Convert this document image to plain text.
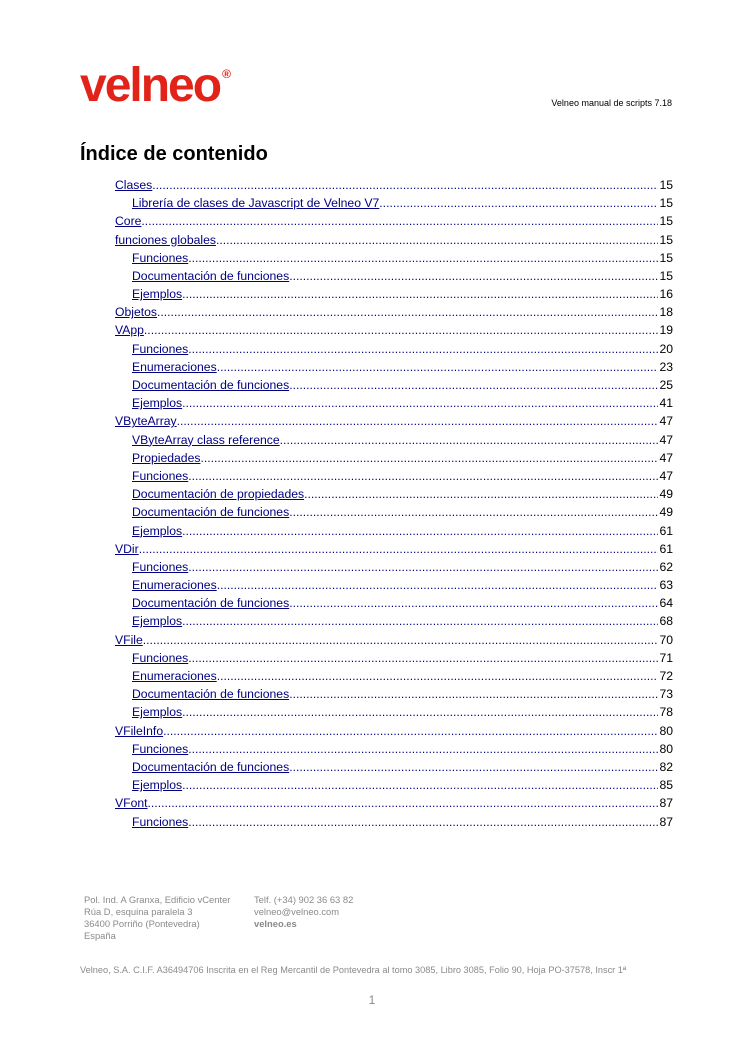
velneo ®
Velneo manual de scripts 7.18
Índice de contenido
Clases .....	15
Librería de clases de Javascript de Velneo V7 .....	15
Core .....	15
funciones globales .....	15
Funciones .....	15
Documentación de funciones .....	15
Ejemplos .....	16
Objetos .....	18
VApp .....	19
Funciones .....	20
Enumeraciones .....	23
Documentación de funciones .....	25
Ejemplos .....	41
VByteArray .....	47
VByteArray class reference .....	47
Propiedades .....	47
Funciones .....	47
Documentación de propiedades .....	49
Documentación de funciones .....	49
Ejemplos .....	61
VDir .....	61
Funciones .....	62
Enumeraciones .....	63
Documentación de funciones .....	64
Ejemplos .....	68
VFile .....	70
Funciones .....	71
Enumeraciones .....	72
Documentación de funciones .....	73
Ejemplos .....	78
VFileInfo .....	80
Funciones .....	80
Documentación de funciones .....	82
Ejemplos .....	85
VFont .....	87
Funciones .....	87
Pol. Ind. A Granxa, Edificio vCenter
Rúa D, esquina paralela 3
36400 Porriño (Pontevedra)
España
Telf. (+34) 902 36 63 82
velneo@velneo.com
velneo.es
Velneo, S.A. C.I.F. A36494706 Inscrita en el Reg Mercantil de Pontevedra al tomo 3085, Libro 3085, Folio 90, Hoja PO-37578, Inscr 1ª
1
